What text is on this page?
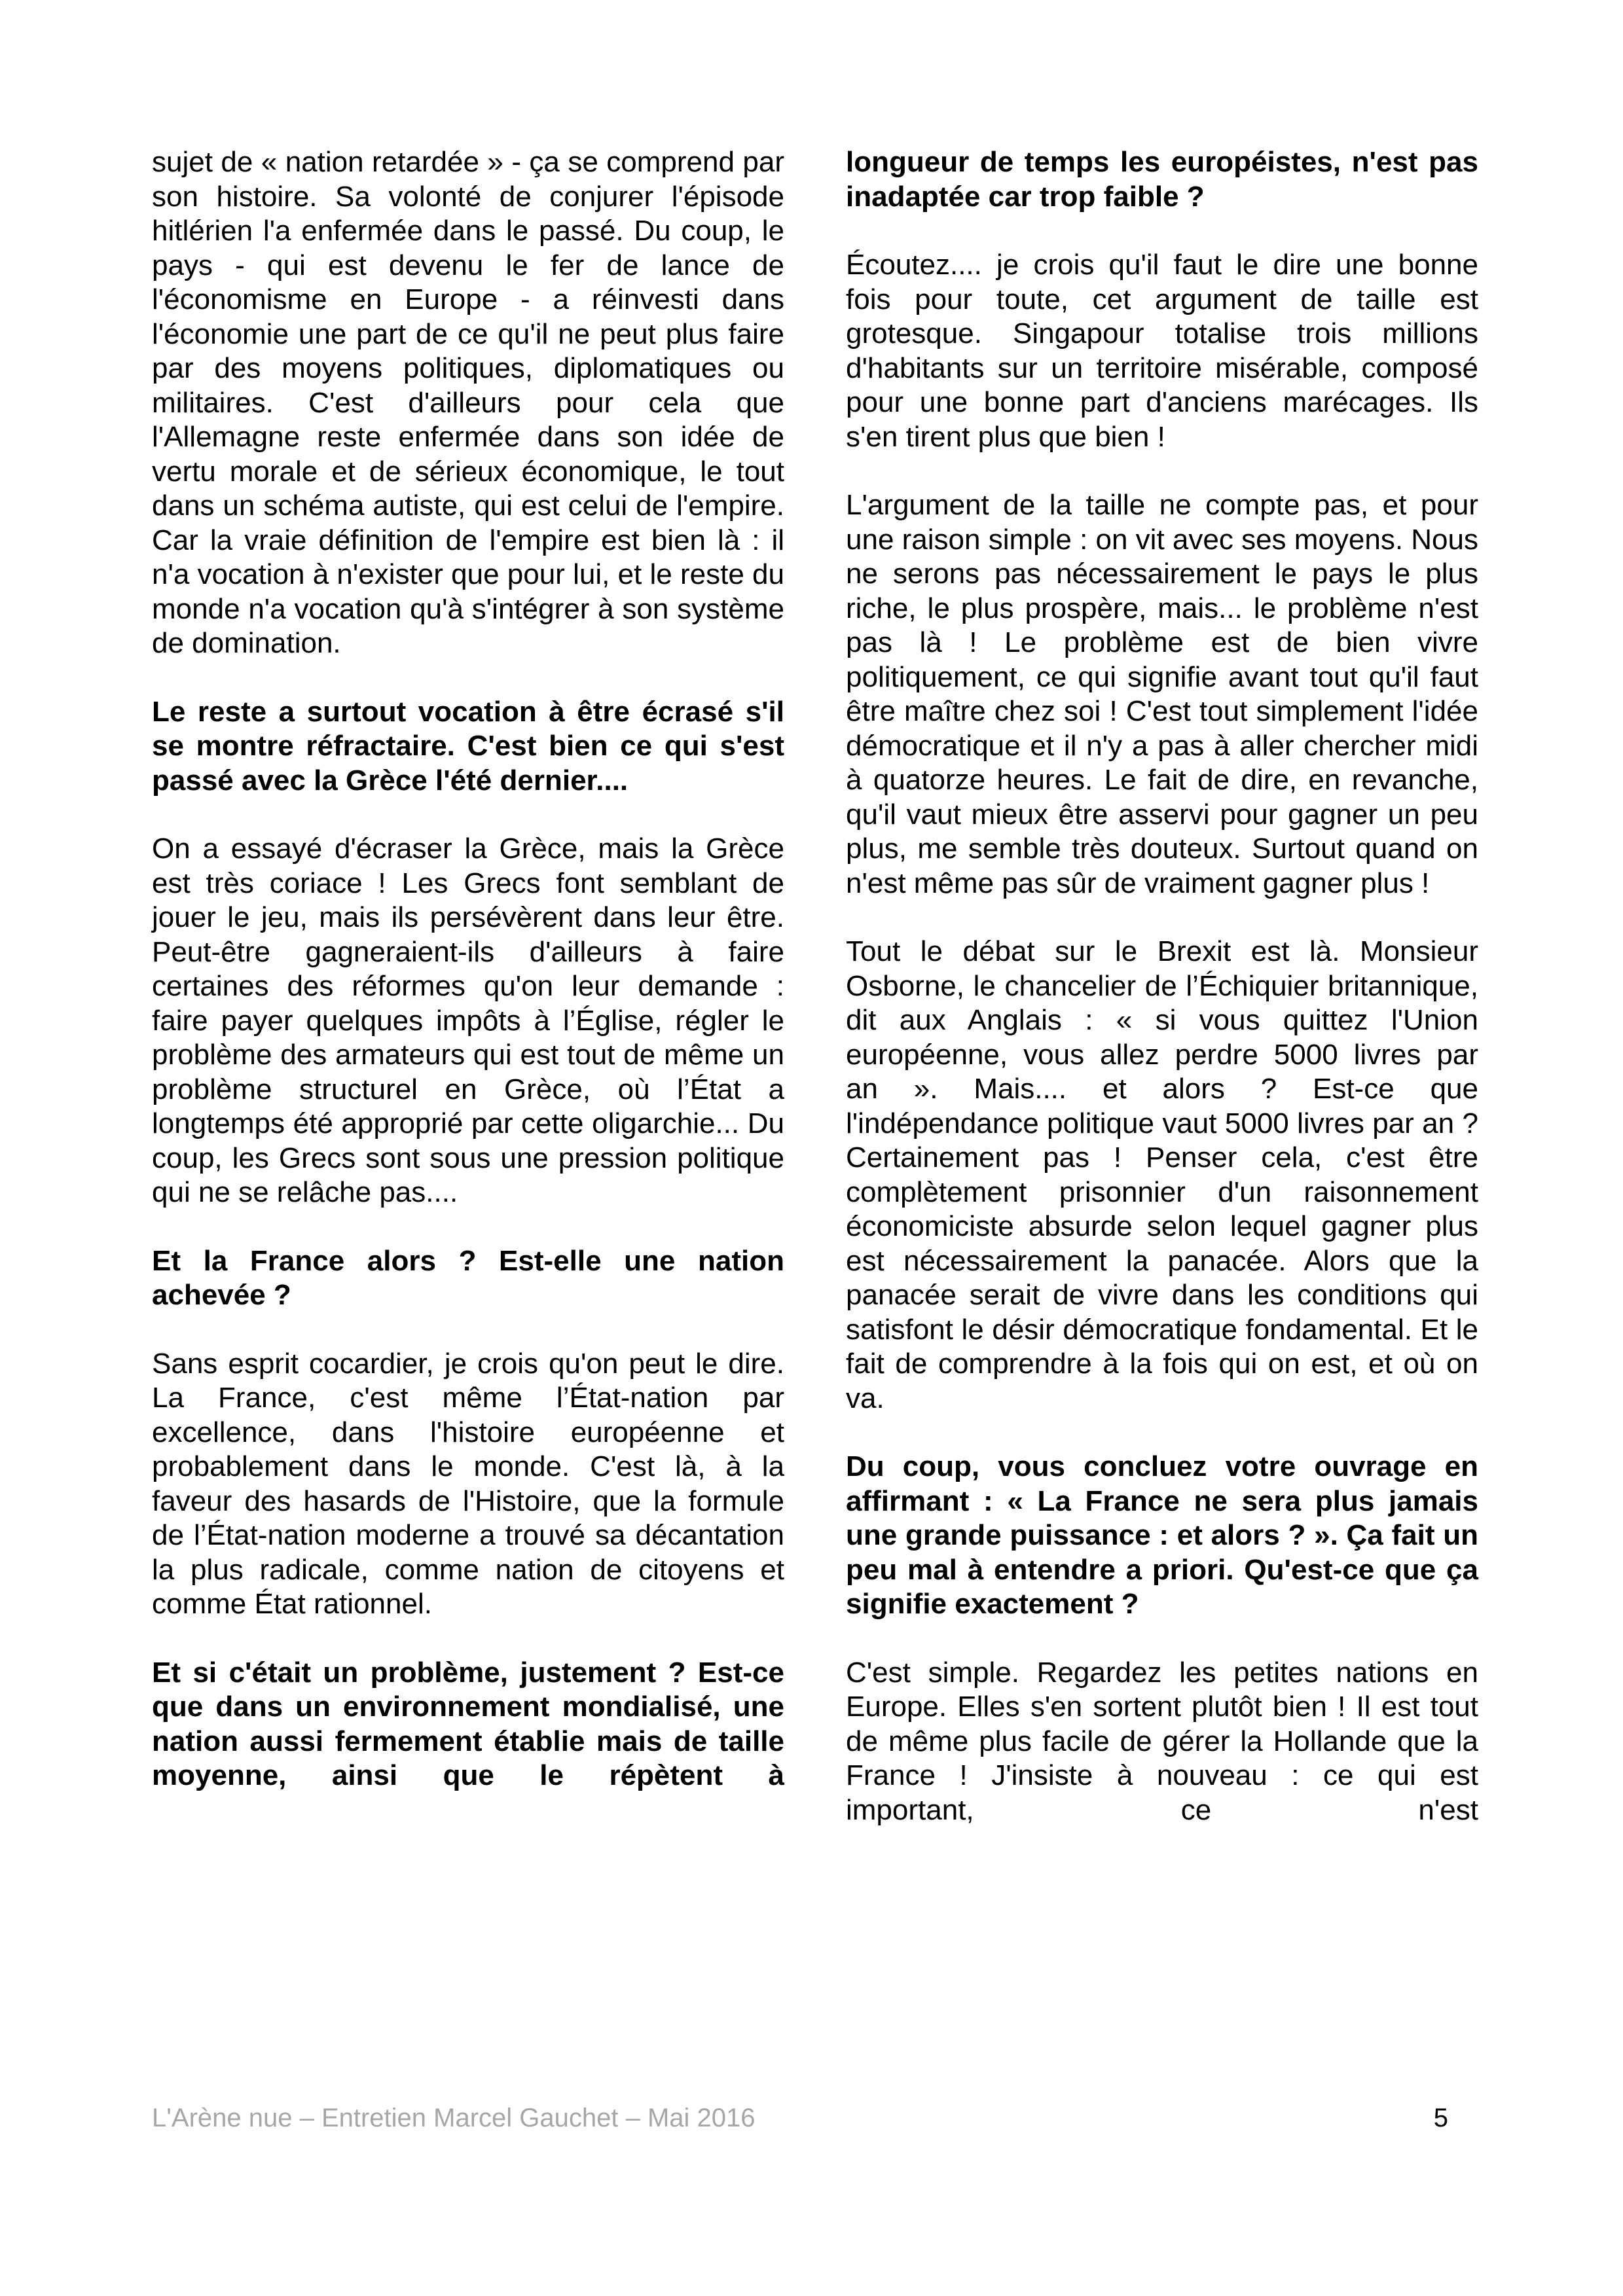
sujet de « nation retardée » - ça se comprend par son histoire. Sa volonté de conjurer l'épisode hitlérien l'a enfermée dans le passé. Du coup, le pays - qui est devenu le fer de lance de l'économisme en Europe - a réinvesti dans l'économie une part de ce qu'il ne peut plus faire par des moyens politiques, diplomatiques ou militaires. C'est d'ailleurs pour cela que l'Allemagne reste enfermée dans son idée de vertu morale et de sérieux économique, le tout dans un schéma autiste, qui est celui de l'empire. Car la vraie définition de l'empire est bien là : il n'a vocation à n'exister que pour lui, et le reste du monde n'a vocation qu'à s'intégrer à son système de domination.

Le reste a surtout vocation à être écrasé s'il se montre réfractaire. C'est bien ce qui s'est passé avec la Grèce l'été dernier....

On a essayé d'écraser la Grèce, mais la Grèce est très coriace ! Les Grecs font semblant de jouer le jeu, mais ils persévèrent dans leur être. Peut-être gagneraient-ils d'ailleurs à faire certaines des réformes qu'on leur demande : faire payer quelques impôts à l’Église, régler le problème des armateurs qui est tout de même un problème structurel en Grèce, où l’État a longtemps été approprié par cette oligarchie... Du coup, les Grecs sont sous une pression politique qui ne se relâche pas....

Et la France alors ? Est-elle une nation achevée ?

Sans esprit cocardier, je crois qu'on peut le dire. La France, c'est même l’État-nation par excellence, dans l'histoire européenne et probablement dans le monde. C'est là, à la faveur des hasards de l'Histoire, que la formule de l’État-nation moderne a trouvé sa décantation la plus radicale, comme nation de citoyens et comme État rationnel.

Et si c'était un problème, justement ? Est-ce que dans un environnement mondialisé, une nation aussi fermement établie mais de taille moyenne, ainsi que le répètent à

longueur de temps les européistes, n'est pas inadaptée car trop faible ?

Écoutez.... je crois qu'il faut le dire une bonne fois pour toute, cet argument de taille est grotesque. Singapour totalise trois millions d'habitants sur un territoire misérable, composé pour une bonne part d'anciens marécages. Ils s'en tirent plus que bien !

L'argument de la taille ne compte pas, et pour une raison simple : on vit avec ses moyens. Nous ne serons pas nécessairement le pays le plus riche, le plus prospère, mais... le problème n'est pas là ! Le problème est de bien vivre politiquement, ce qui signifie avant tout qu'il faut être maître chez soi ! C'est tout simplement l'idée démocratique et il n'y a pas à aller chercher midi à quatorze heures. Le fait de dire, en revanche, qu'il vaut mieux être asservi pour gagner un peu plus, me semble très douteux. Surtout quand on n'est même pas sûr de vraiment gagner plus !

Tout le débat sur le Brexit est là. Monsieur Osborne, le chancelier de l’Échiquier britannique, dit aux Anglais : « si vous quittez l'Union européenne, vous allez perdre 5000 livres par an ». Mais.... et alors ? Est-ce que l'indépendance politique vaut 5000 livres par an ? Certainement pas ! Penser cela, c'est être complètement prisonnier d'un raisonnement économiciste absurde selon lequel gagner plus est nécessairement la panacée. Alors que la panacée serait de vivre dans les conditions qui satisfont le désir démocratique fondamental. Et le fait de comprendre à la fois qui on est, et où on va.

Du coup, vous concluez votre ouvrage en affirmant : « La France ne sera plus jamais une grande puissance : et alors ? ». Ça fait un peu mal à entendre a priori. Qu'est-ce que ça signifie exactement ?

C'est simple. Regardez les petites nations en Europe. Elles s'en sortent plutôt bien ! Il est tout de même plus facile de gérer la Hollande que la France ! J'insiste à nouveau : ce qui est important, ce n'est

L'Arène nue – Entretien Marcel Gauchet – Mai 2016	5
